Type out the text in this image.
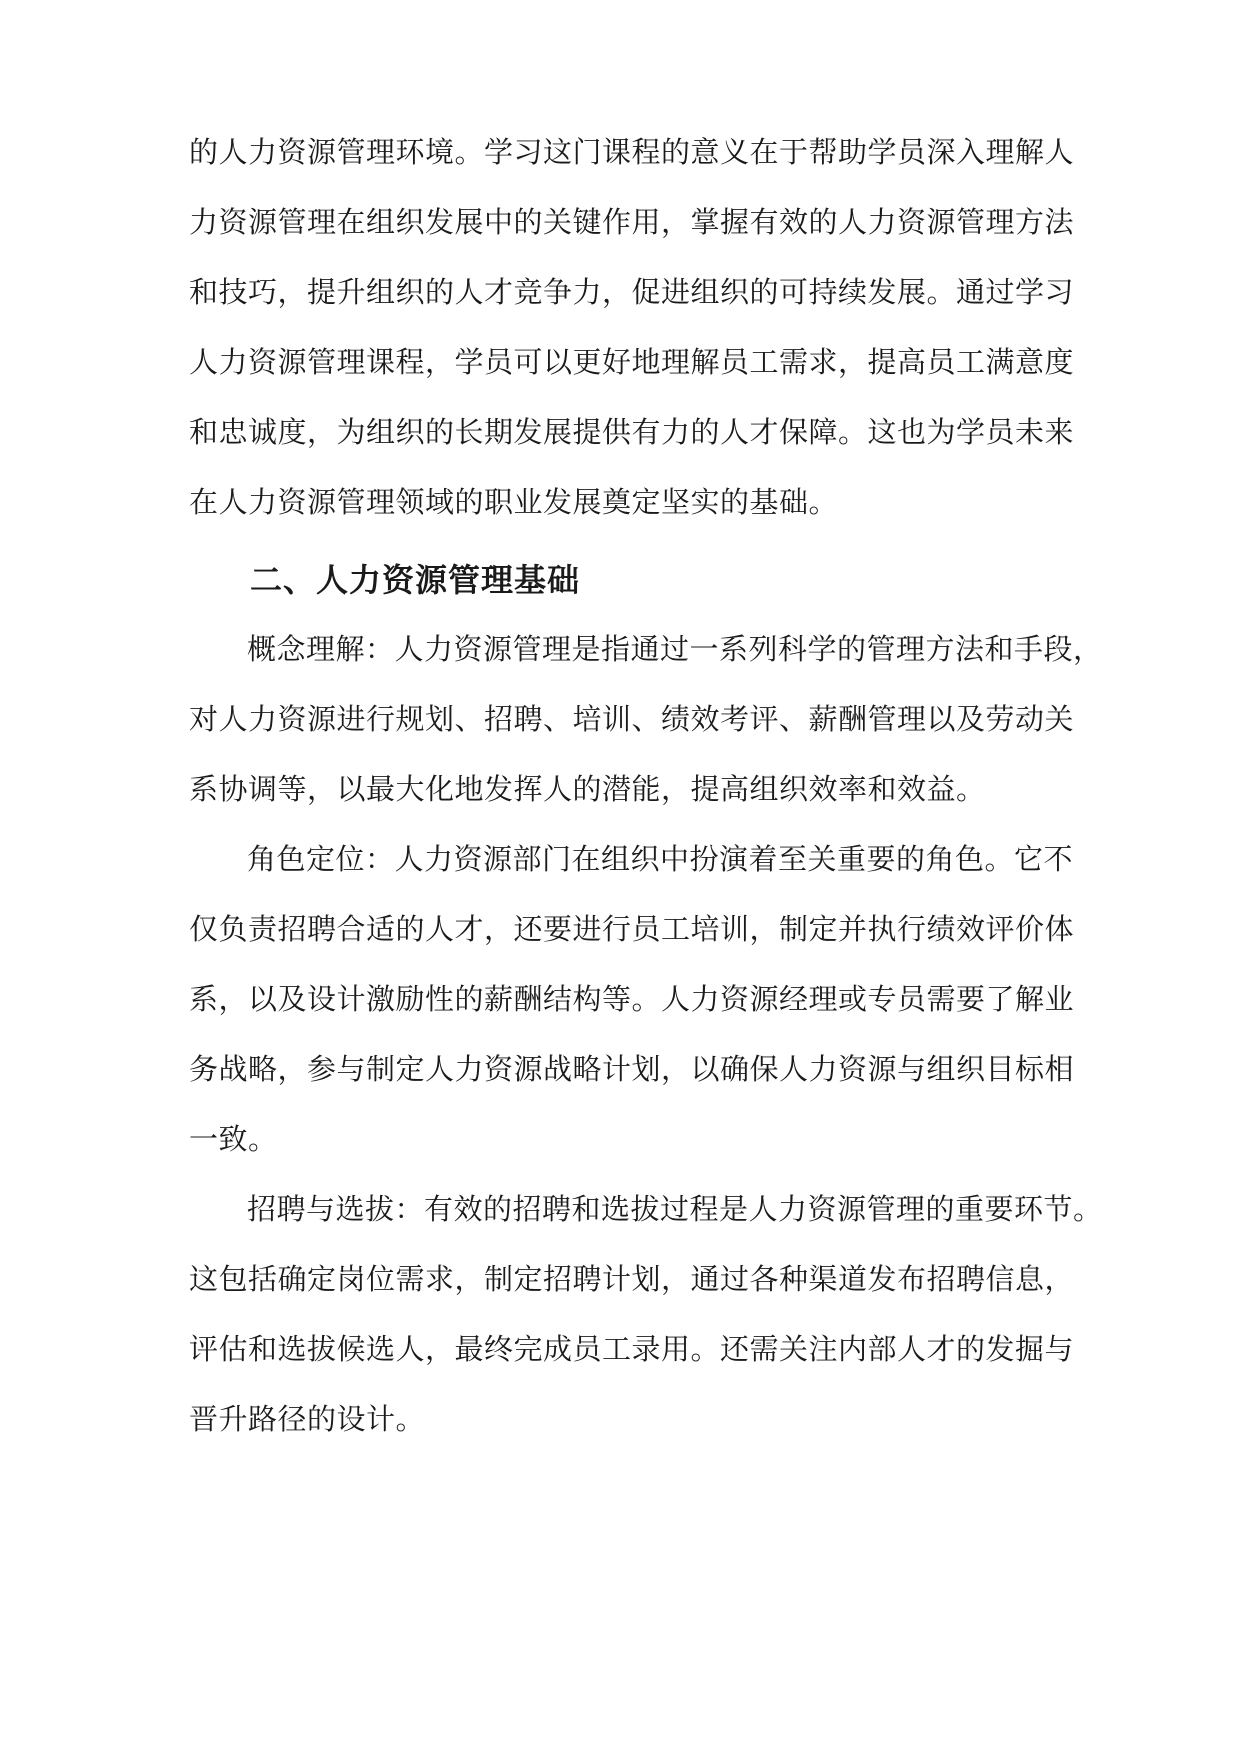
的人力资源管理环境。学习这门课程的意义在于帮助学员深入理解人
力资源管理在组织发展中的关键作用，掌握有效的人力资源管理方法
和技巧，提升组织的人才竞争力，促进组织的可持续发展。通过学习
人力资源管理课程，学员可以更好地理解员工需求，提高员工满意度
和忠诚度，为组织的长期发展提供有力的人才保障。这也为学员未来
在人力资源管理领域的职业发展奠定坚实的基础。
二、人力资源管理基础
概念理解：人力资源管理是指通过一系列科学的管理方法和手段，
对人力资源进行规划、招聘、培训、绩效考评、薪酬管理以及劳动关
系协调等，以最大化地发挥人的潜能，提高组织效率和效益。
角色定位：人力资源部门在组织中扮演着至关重要的角色。它不
仅负责招聘合适的人才，还要进行员工培训，制定并执行绩效评价体
系，以及设计激励性的薪酬结构等。人力资源经理或专员需要了解业
务战略，参与制定人力资源战略计划，以确保人力资源与组织目标相
一致。
招聘与选拔：有效的招聘和选拔过程是人力资源管理的重要环节。
这包括确定岗位需求，制定招聘计划，通过各种渠道发布招聘信息，
评估和选拔候选人，最终完成员工录用。还需关注内部人才的发掘与
晋升路径的设计。
